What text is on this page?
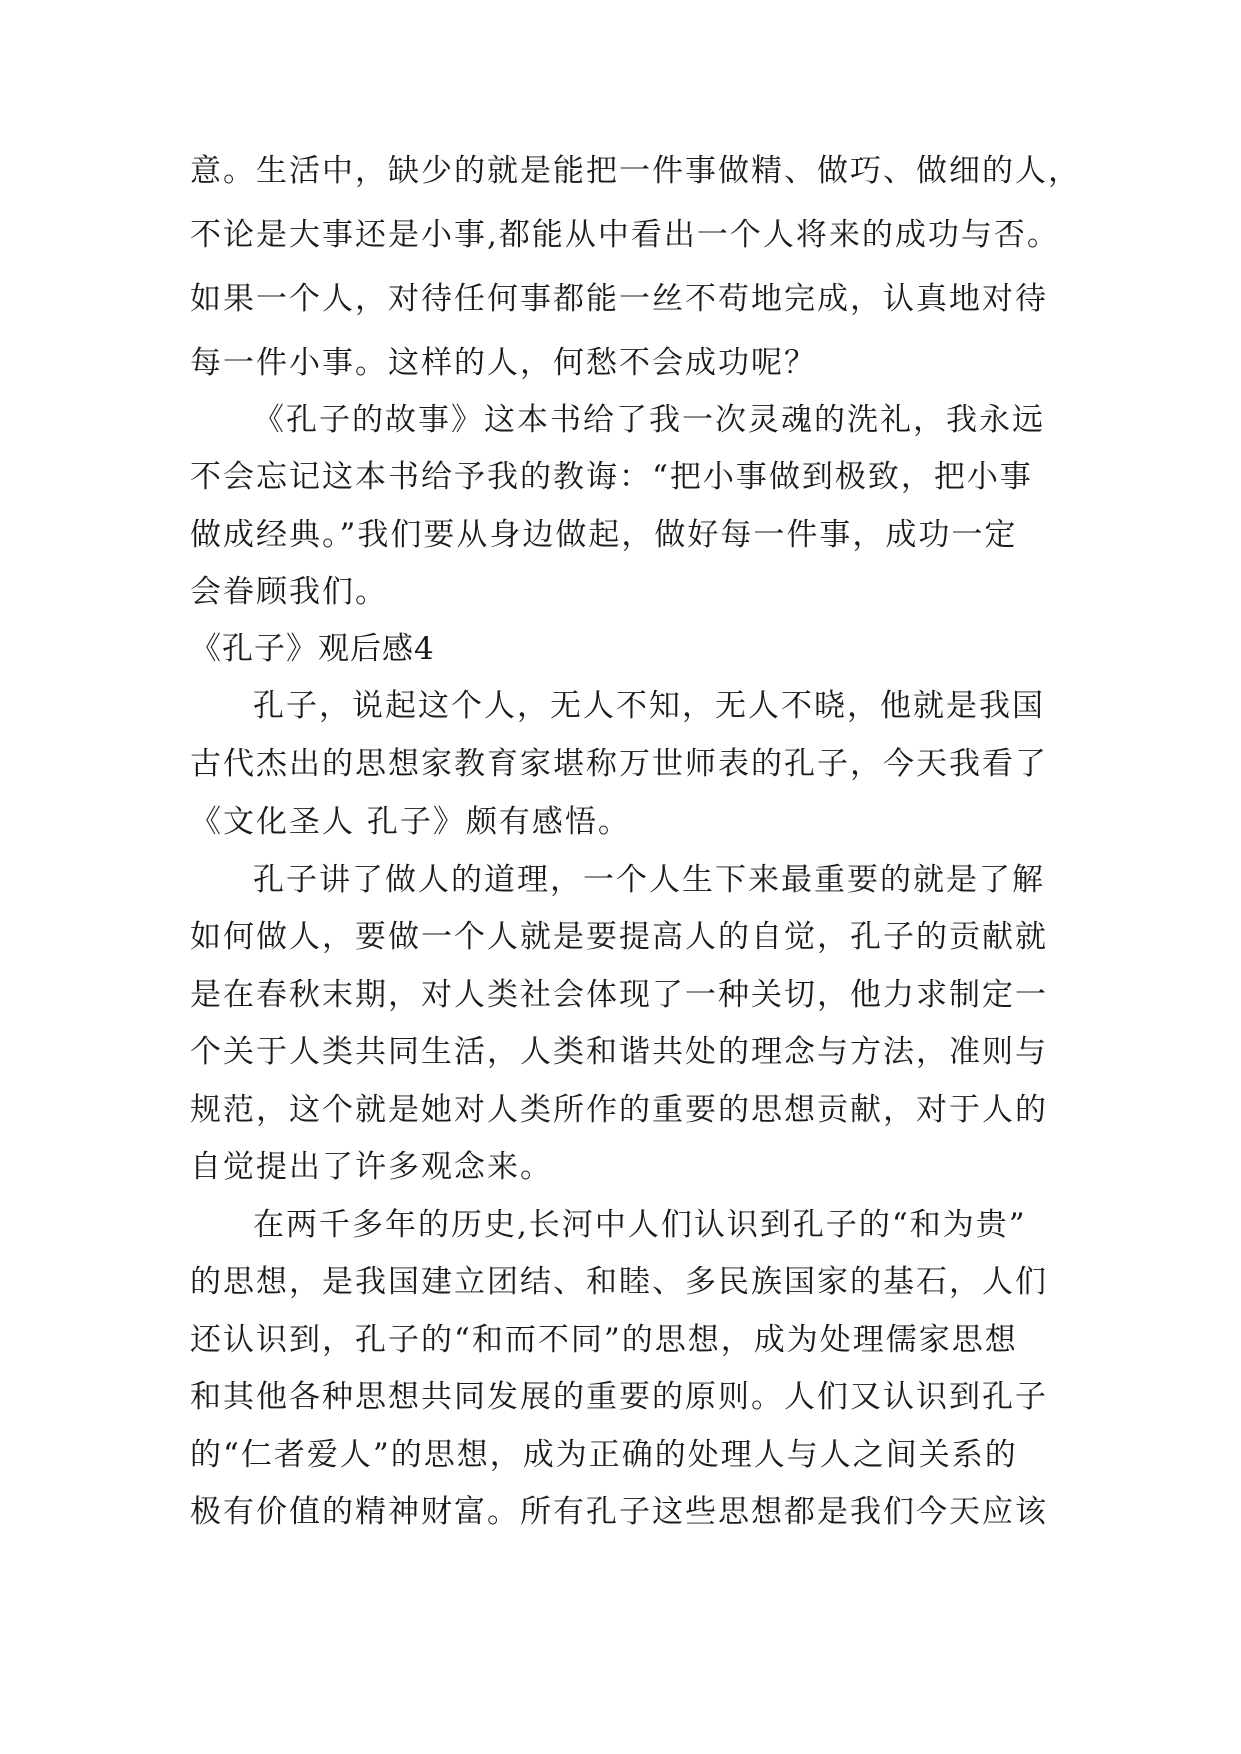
意。生活中，缺少的就是能把一件事做精、做巧、做细的人，
不论是大事还是小事,都能从中看出一个人将来的成功与否。
如果一个人，对待任何事都能一丝不苟地完成，认真地对待
每一件小事。这样的人，何愁不会成功呢？
《孔子的故事》这本书给了我一次灵魂的洗礼，我永远
不会忘记这本书给予我的教诲：“把小事做到极致，把小事
做成经典。”我们要从身边做起，做好每一件事，成功一定
会眷顾我们。
《孔子》观后感4
孔子，说起这个人，无人不知，无人不晓，他就是我国
古代杰出的思想家教育家堪称万世师表的孔子，今天我看了
《文化圣人 孔子》颇有感悟。
孔子讲了做人的道理，一个人生下来最重要的就是了解
如何做人，要做一个人就是要提高人的自觉，孔子的贡献就
是在春秋末期，对人类社会体现了一种关切，他力求制定一
个关于人类共同生活，人类和谐共处的理念与方法，准则与
规范，这个就是她对人类所作的重要的思想贡献，对于人的
自觉提出了许多观念来。
在两千多年的历史,长河中人们认识到孔子的“和为贵”
的思想，是我国建立团结、和睦、多民族国家的基石，人们
还认识到，孔子的“和而不同”的思想，成为处理儒家思想
和其他各种思想共同发展的重要的原则。人们又认识到孔子
的“仁者爱人”的思想，成为正确的处理人与人之间关系的
极有价值的精神财富。所有孔子这些思想都是我们今天应该
